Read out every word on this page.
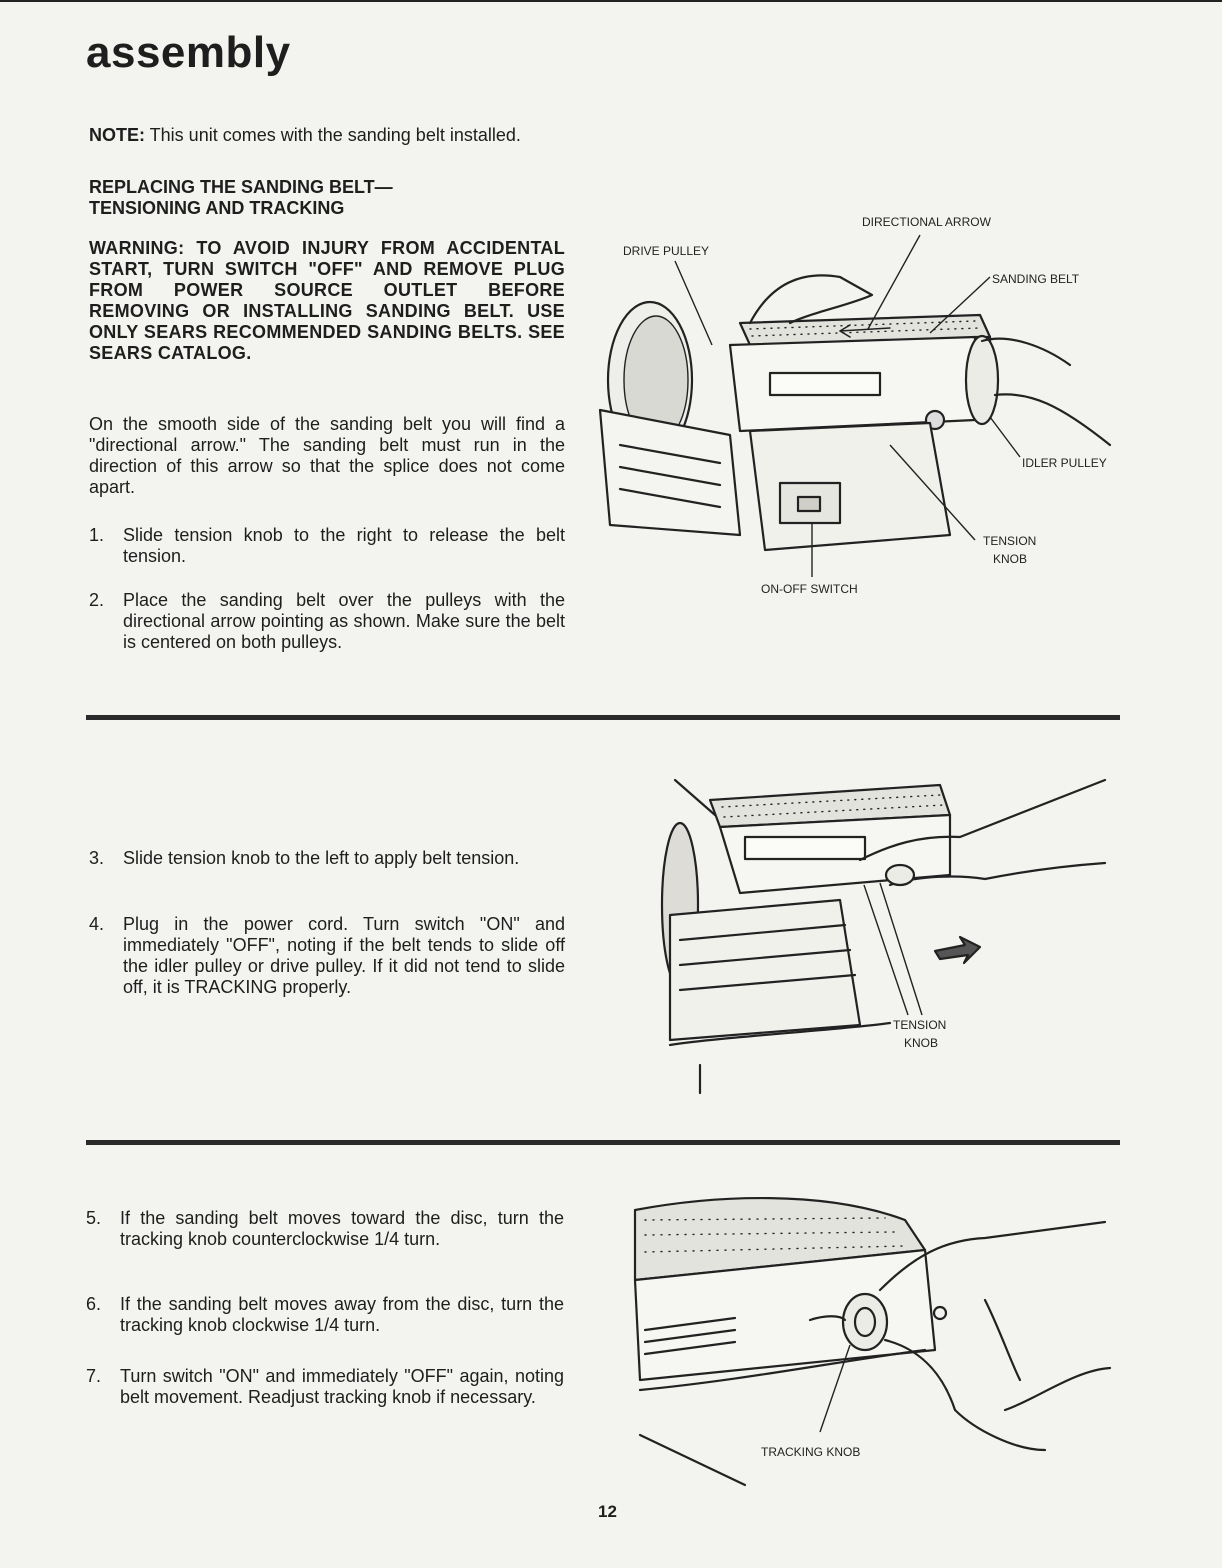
assembly

NOTE: This unit comes with the sanding belt installed.

REPLACING THE SANDING BELT—
TENSIONING AND TRACKING

WARNING: TO AVOID INJURY FROM ACCIDENTAL START, TURN SWITCH "OFF" AND REMOVE PLUG FROM POWER SOURCE OUTLET BEFORE REMOVING OR INSTALLING SANDING BELT. USE ONLY SEARS RECOMMENDED SANDING BELTS. SEE SEARS CATALOG.

On the smooth side of the sanding belt you will find a "directional arrow." The sanding belt must run in the direction of this arrow so that the splice does not come apart.

1.	Slide tension knob to the right to release the belt tension.
2.	Place the sanding belt over the pulleys with the directional arrow pointing as shown. Make sure the belt is centered on both pulleys.
DIRECTIONAL ARROW
DRIVE PULLEY
SANDING BELT
IDLER PULLEY
TENSION
KNOB
ON-OFF SWITCH
3.	Slide tension knob to the left to apply belt tension.
4.	Plug in the power cord. Turn switch "ON" and immediately "OFF", noting if the belt tends to slide off the idler pulley or drive pulley. If it did not tend to slide off, it is TRACKING properly.
TENSION
KNOB
5.	If the sanding belt moves toward the disc, turn the tracking knob counterclockwise 1/4 turn.
6.	If the sanding belt moves away from the disc, turn the tracking knob clockwise 1/4 turn.
7.	Turn switch "ON" and immediately "OFF" again, noting belt movement. Readjust tracking knob if necessary.
TRACKING KNOB
12
